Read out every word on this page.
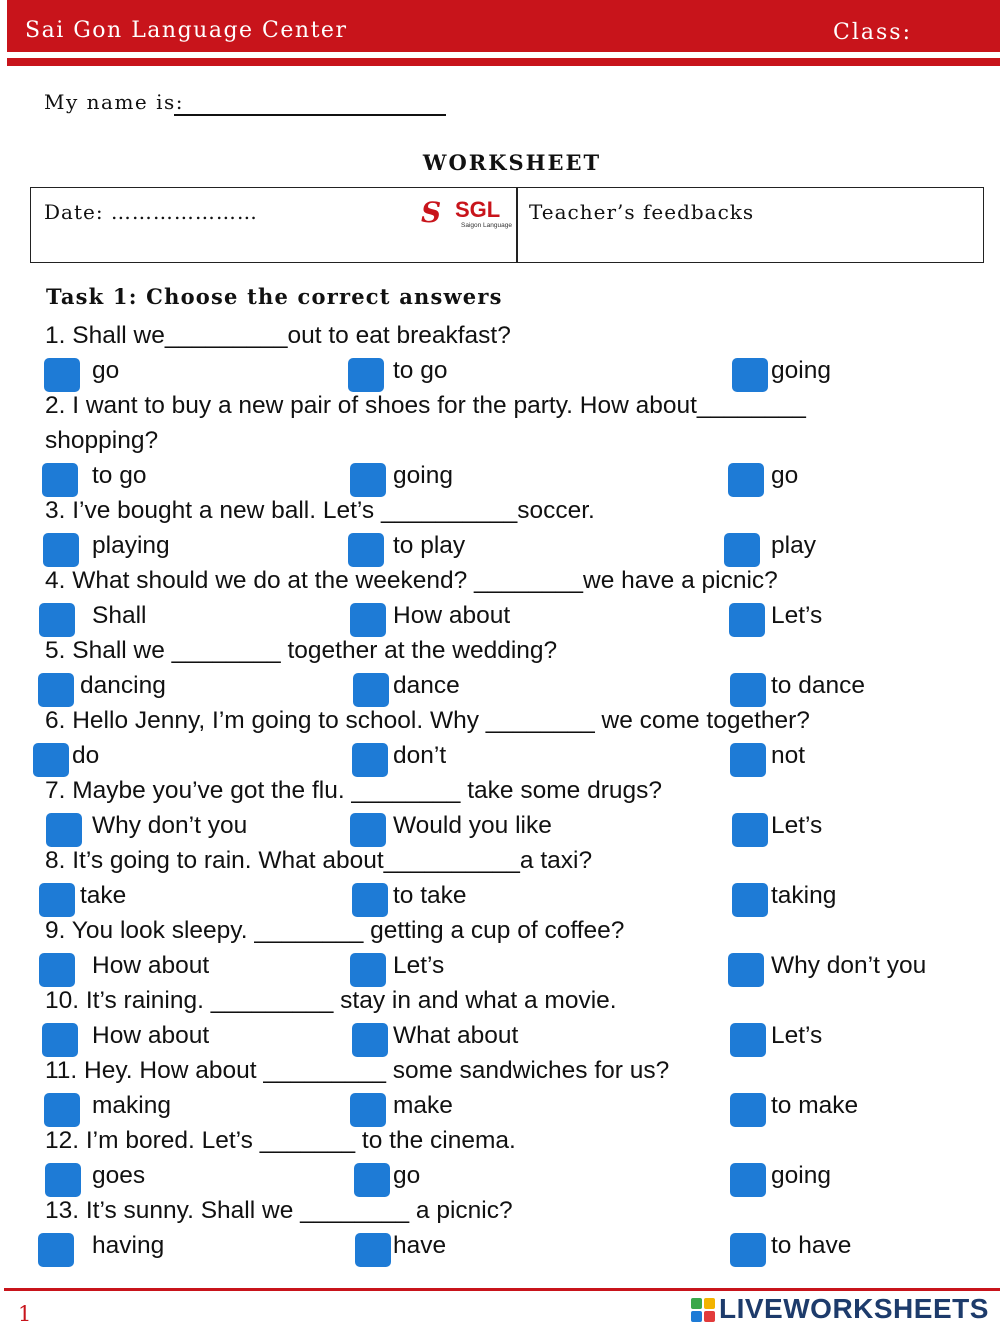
Sai Gon Language Center	Class:
My name is:
WORKSHEET
Date: …………………	S SGL
Saigon Language
Teacher’s feedbacks
Task 1: Choose the correct answers
1. Shall we_________out to eat breakfast?
go	to go	going
2. I want to buy a new pair of shoes for the party. How about________
shopping?
to go	going	go
3. I’ve bought a new ball. Let’s __________soccer.
playing	to play	play
4. What should we do at the weekend? ________we have a picnic?
Shall	How about	Let’s
5. Shall we ________ together at the wedding?
dancing	dance	to dance
6. Hello Jenny, I’m going to school. Why ________ we come together?
do	don’t	not
7. Maybe you’ve got the flu. ________ take some drugs?
Why don’t you	Would you like	Let’s
8. It’s going to rain. What about__________a taxi?
take	to take	taking
9. You look sleepy. ________ getting a cup of coffee?
How about	Let’s	Why don’t you
10. It’s raining. _________ stay in and what a movie.
How about	What about	Let’s
11. Hey. How about _________ some sandwiches for us?
making	make	to make
12. I’m bored. Let’s _______ to the cinema.
goes	go	going
13. It’s sunny. Shall we ________ a picnic?
having	have	to have
1	LIVEWORKSHEETS
